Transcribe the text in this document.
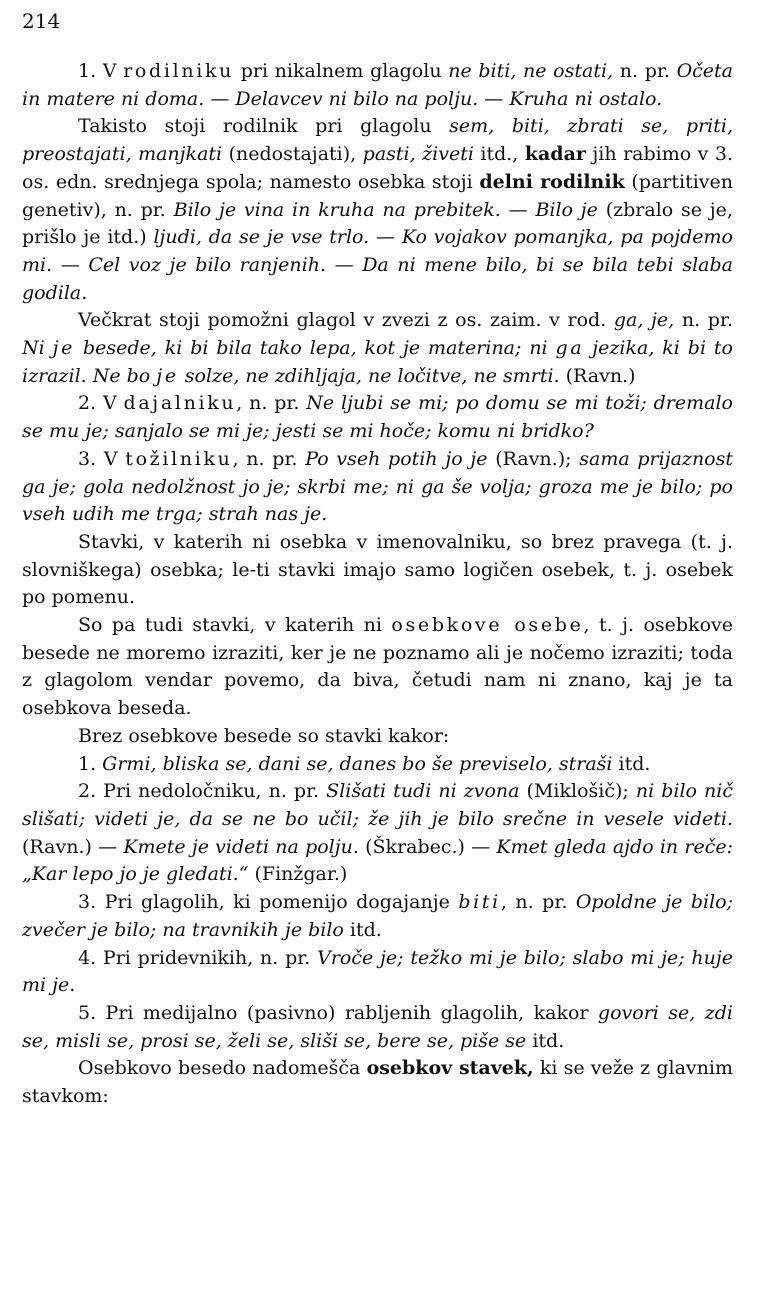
214

1. V rodilniku pri nikalnem glagolu ne biti, ne ostati, n. pr. Očeta in matere ni doma. — Delavcev ni bilo na polju. — Kruha ni ostalo.

Takisto stoji rodilnik pri glagolu sem, biti, zbrati se, priti, preostajati, manjkati (nedostajati), pasti, živeti itd., kadar jih rabimo v 3. os. edn. srednjega spola; namesto osebka stoji delni rodilnik (partitiven genetiv), n. pr. Bilo je vina in kruha na prebitek. — Bilo je (zbralo se je, prišlo je itd.) ljudi, da se je vse trlo. — Ko vojakov pomanjka, pa pojdemo mi. — Cel voz je bilo ranjenih. — Da ni mene bilo, bi se bila tebi slaba godila.

Večkrat stoji pomožni glagol v zvezi z os. zaim. v rod. ga, je, n. pr. Ni je besede, ki bi bila tako lepa, kot je materina; ni ga jezika, ki bi to izrazil. Ne bo je solze, ne zdihljaja, ne ločitve, ne smrti. (Ravn.)

2. V dajalniku, n. pr. Ne ljubi se mi; po domu se mi toži; dremalo se mu je; sanjalo se mi je; jesti se mi hoče; komu ni bridko?

3. V tožilniku, n. pr. Po vseh potih jo je (Ravn.); sama prijaznost ga je; gola nedolžnost jo je; skrbi me; ni ga še volja; groza me je bilo; po vseh udih me trga; strah nas je.

Stavki, v katerih ni osebka v imenovalniku, so brez pravega (t. j. slovniškega) osebka; le-ti stavki imajo samo logičen osebek, t. j. osebek po pomenu.

So pa tudi stavki, v katerih ni osebkove osebe, t. j. osebkove besede ne moremo izraziti, ker je ne poznamo ali je nočemo izraziti; toda z glagolom vendar povemo, da biva, četudi nam ni znano, kaj je ta osebkova beseda.

Brez osebkove besede so stavki kakor:

1. Grmi, bliska se, dani se, danes bo še previselo, straši itd.

2. Pri nedoločniku, n. pr. Slišati tudi ni zvona (Miklošič); ni bilo nič slišati; videti je, da se ne bo učil; že jih je bilo srečne in vesele videti. (Ravn.) — Kmete je videti na polju. (Škrabec.) — Kmet gleda ajdo in reče: „Kar lepo jo je gledati.“ (Finžgar.)

3. Pri glagolih, ki pomenijo dogajanje biti, n. pr. Opoldne je bilo; zvečer je bilo; na travnikih je bilo itd.

4. Pri pridevnikih, n. pr. Vroče je; težko mi je bilo; slabo mi je; huje mi je.

5. Pri medijalno (pasivno) rabljenih glagolih, kakor govori se, zdi se, misli se, prosi se, želi se, sliši se, bere se, piše se itd.

Osebkovo besedo nadomešča osebkov stavek, ki se veže z glavnim stavkom:
